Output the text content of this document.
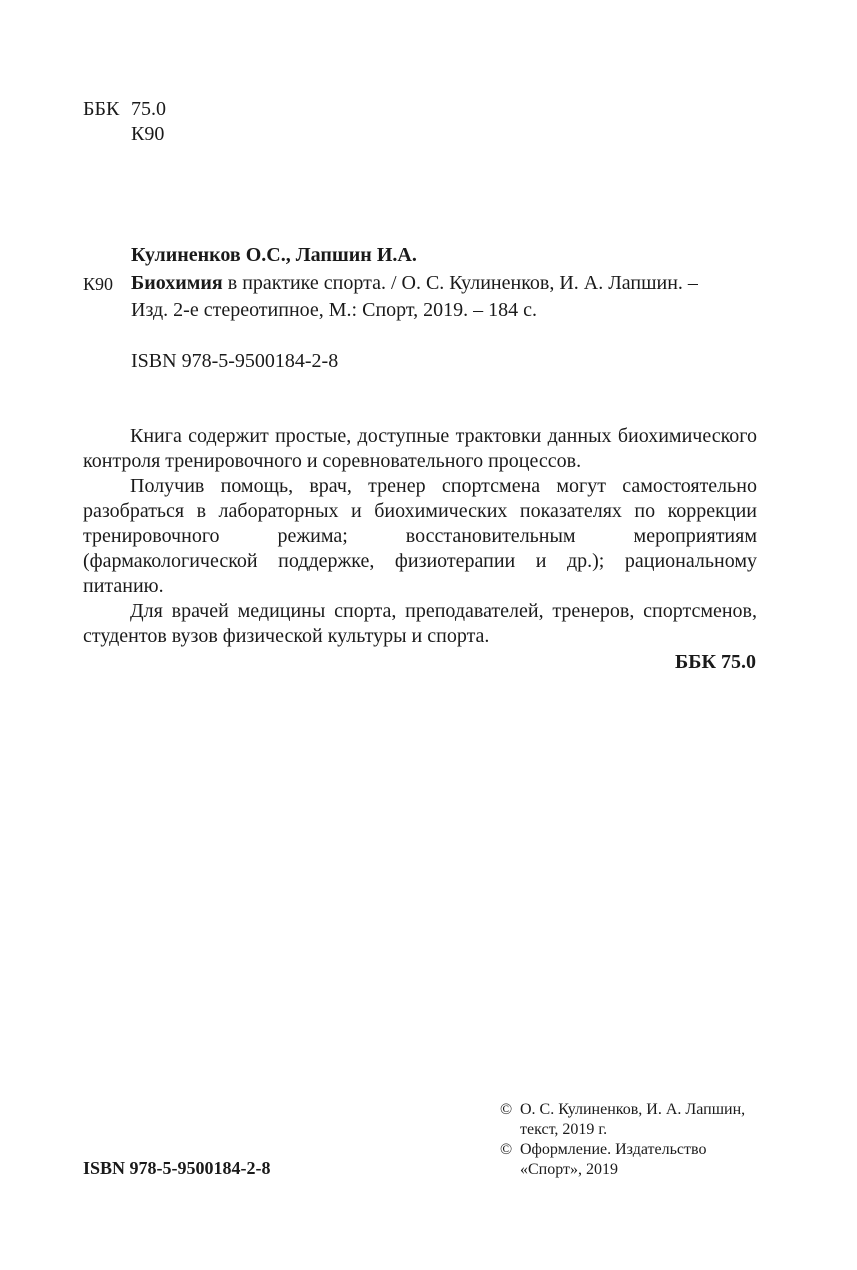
ББК 75.0
К90
Кулиненков О.С., Лапшин И.А.
К90 Биохимия в практике спорта. / О. С. Кулиненков, И. А. Лапшин. –
Изд. 2-е стереотипное, М.: Спорт, 2019. – 184 с.
ISBN 978-5-9500184-2-8

Книга содержит простые, доступные трактовки данных биохимического контроля тренировочного и соревновательного процессов.

Получив помощь, врач, тренер спортсмена могут самостоятельно разобраться в лабораторных и биохимических показателях по коррекции тренировочного режима; восстановительным мероприятиям (фармакологической поддержке, физиотерапии и др.); рациональному питанию.

Для врачей медицины спорта, преподавателей, тренеров, спортсменов, студентов вузов физической культуры и спорта.

ББК 75.0
ISBN 978-5-9500184-2-8
© О. С. Кулиненков, И. А. Лапшин,
текст, 2019 г.
© Оформление. Издательство
«Спорт», 2019
